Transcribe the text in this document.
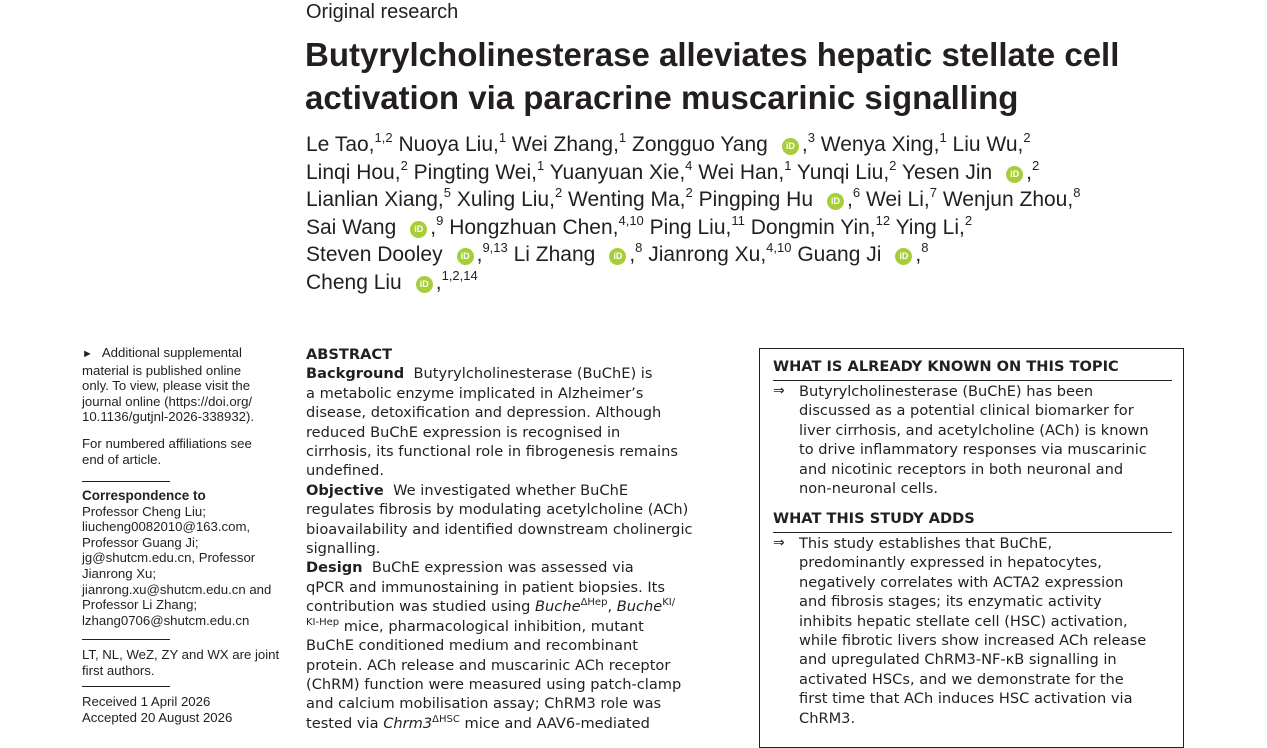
Original research
Butyrylcholinesterase alleviates hepatic stellate cell
activation via paracrine muscarinic signalling
Le Tao,$^{1,2}$ Nuoya Liu,$^1$ Wei Zhang,$^1$ Zongguo Yang iD ,$^3$ Wenya Xing,$^1$ Liu Wu,$^2$
Linqi Hou,$^2$ Pingting Wei,$^1$ Yuanyuan Xie,$^4$ Wei Han,$^1$ Yunqi Liu,$^2$ Yesen Jin iD ,$^2$
Lianlian Xiang,$^5$ Xuling Liu,$^2$ Wenting Ma,$^2$ Pingping Hu iD ,$^6$ Wei Li,$^7$ Wenjun Zhou,$^8$
Sai Wang iD ,$^9$ Hongzhuan Chen,$^{4,10}$ Ping Liu,$^{11}$ Dongmin Yin,$^{12}$ Ying Li,$^2$
Steven Dooley iD ,$^{9,13}$ Li Zhang iD ,$^8$ Jianrong Xu,$^{4,10}$ Guang Ji iD ,$^8$
Cheng Liu iD ,$^{1,2,14}$
► Additional supplemental
material is published online
only. To view, please visit the
journal online (https://doi.org/
10.1136/gutjnl-2026-338932).
For numbered affiliations see
end of article.
Correspondence to
Professor Cheng Liu;
liucheng0082010@163.com,
Professor Guang Ji;
jg@shutcm.edu.cn, Professor
Jianrong Xu;
jianrong.xu@shutcm.edu.cn and
Professor Li Zhang;
lzhang0706@shutcm.edu.cn
LT, NL, WeZ, ZY and WX are joint
first authors.
Received 1 April 2026
Accepted 20 August 2026

ABSTRACT

Background Butyrylcholinesterase (BuChE) is

a metabolic enzyme implicated in Alzheimer’s

disease, detoxification and depression. Although

reduced BuChE expression is recognised in

cirrhosis, its functional role in fibrogenesis remains

undefined.

Objective We investigated whether BuChE

regulates fibrosis by modulating acetylcholine (ACh)

bioavailability and identified downstream cholinergic

signalling.

Design BuChE expression was assessed via

qPCR and immunostaining in patient biopsies. Its

contribution was studied using Buche$^{\Delta Hep}$, Buche$^{KI/}$

$^{KI-Hep}$ mice, pharmacological inhibition, mutant

BuChE conditioned medium and recombinant

protein. ACh release and muscarinic ACh receptor

(ChRM) function were measured using patch-clamp

and calcium mobilisation assay; ChRM3 role was

tested via $Chrm3^{\Delta HSC}$ mice and AAV6-mediated

WHAT IS ALREADY KNOWN ON THIS TOPIC
⇒ Butyrylcholinesterase (BuChE) has been
discussed as a potential clinical biomarker for
liver cirrhosis, and acetylcholine (ACh) is known
to drive inflammatory responses via muscarinic
and nicotinic receptors in both neuronal and
non-neuronal cells.
WHAT THIS STUDY ADDS
⇒ This study establishes that BuChE,
predominantly expressed in hepatocytes,
negatively correlates with ACTA2 expression
and fibrosis stages; its enzymatic activity
inhibits hepatic stellate cell (HSC) activation,
while fibrotic livers show increased ACh release
and upregulated ChRM3-NF-κB signalling in
activated HSCs, and we demonstrate for the
first time that ACh induces HSC activation via
ChRM3.
